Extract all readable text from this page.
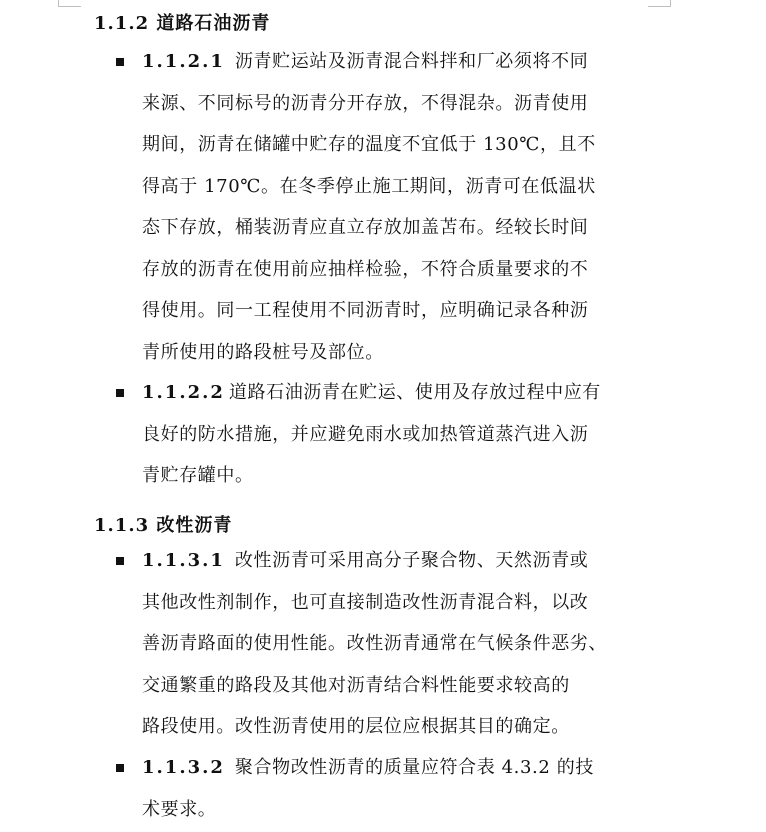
1.1.2 道路石油沥青
1.1.2.1 沥青贮运站及沥青混合料拌和厂必须将不同
来源、不同标号的沥青分开存放，不得混杂。沥青使用
期间，沥青在储罐中贮存的温度不宜低于 130℃，且不
得高于 170℃。在冬季停止施工期间，沥青可在低温状
态下存放，桶装沥青应直立存放加盖苫布。经较长时间
存放的沥青在使用前应抽样检验，不符合质量要求的不
得使用。同一工程使用不同沥青时，应明确记录各种沥
青所使用的路段桩号及部位。
1.1.2.2 道路石油沥青在贮运、使用及存放过程中应有
良好的防水措施，并应避免雨水或加热管道蒸汽进入沥
青贮存罐中。
1.1.3 改性沥青
1.1.3.1 改性沥青可采用高分子聚合物、天然沥青或
其他改性剂制作，也可直接制造改性沥青混合料，以改
善沥青路面的使用性能。改性沥青通常在气候条件恶劣、
交通繁重的路段及其他对沥青结合料性能要求较高的
路段使用。改性沥青使用的层位应根据其目的确定。
1.1.3.2 聚合物改性沥青的质量应符合表 4.3.2 的技
术要求。
